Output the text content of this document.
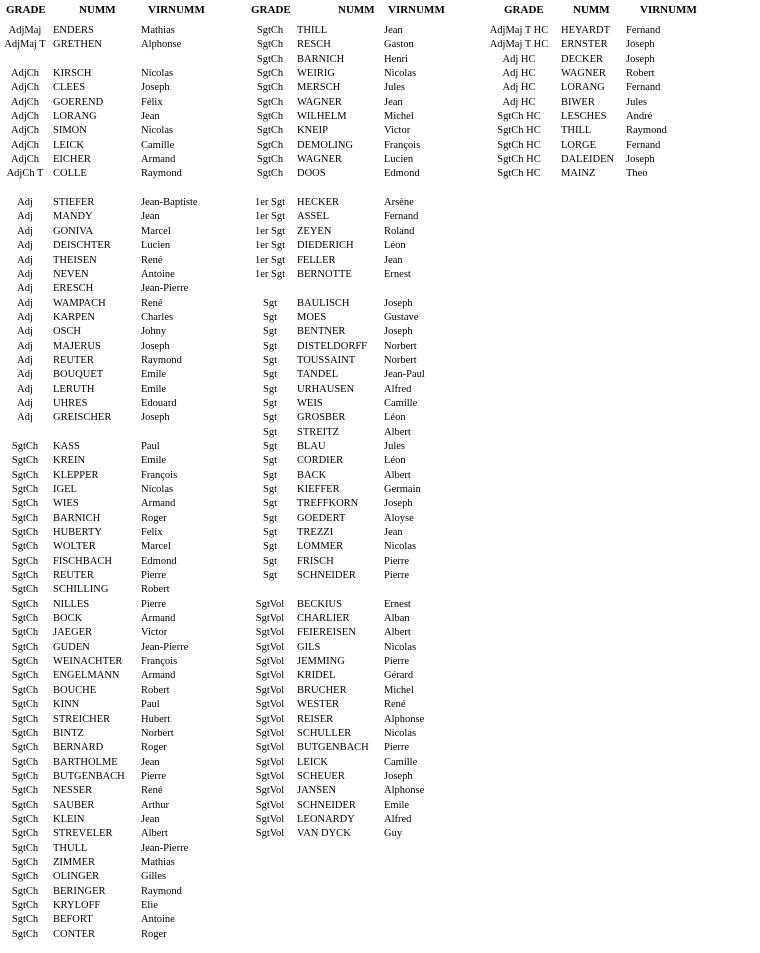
GRADE	NUMM	VIRNUMM
AdjMaj	ENDERS	Mathias
AdjMaj T GRETHEN	Alphonse
AdjCh	KIRSCH	Nicolas
AdjCh	CLEES	Joseph
AdjCh	GOEREND	Félix
AdjCh	LORANG	Jean
AdjCh	SIMON	Nicolas
AdjCh	LEICK	Camille
AdjCh	EICHER	Armand
AdjCh T COLLE	Raymond
Adj	STIEFER	Jean-Baptiste
Adj	MANDY	Jean
Adj	GONIVA	Marcel
Adj	DEISCHTER	Lucien
Adj	THEISEN	René
Adj	NEVEN	Antoine
Adj	ERESCH	Jean-Pierre
Adj	WAMPACH	René
Adj	KARPEN	Charles
Adj	OSCH	Johny
Adj	MAJERUS	Joseph
Adj	REUTER	Raymond
Adj	BOUQUET	Emile
Adj	LERUTH	Emile
Adj	UHRES	Edouard
Adj	GREISCHER	Joseph
SgtCh	KASS	Paul
SgtCh	KREIN	Emile
SgtCh	KLEPPER	François
SgtCh	IGEL	Nicolas
SgtCh	WIES	Armand
SgtCh	BARNICH	Roger
SgtCh	HUBERTY	Felix
SgtCh	WOLTER	Marcel
SgtCh	FISCHBACH	Edmond
SgtCh	REUTER	Pierre
SgtCh	SCHILLING	Robert
SgtCh	NILLES	Pierre
SgtCh	BOCK	Armand
SgtCh	JAEGER	Victor
SgtCh	GUDEN	Jean-Pierre
SgtCh	WEINACHTER François
SgtCh	ENGELMANN Armand
SgtCh	BOUCHE	Robert
SgtCh	KINN	Paul
SgtCh	STREICHER	Hubert
SgtCh	BINTZ	Norbert
SgtCh	BERNARD	Roger
SgtCh	BARTHOLME Jean
SgtCh	BUTGENBACH Pierre
SgtCh	NESSER	René
SgtCh	SAUBER	Arthur
SgtCh	KLEIN	Jean
SgtCh	STREVELER	Albert
SgtCh	THULL	Jean-Pierre
SgtCh	ZIMMER	Mathias
SgtCh	OLINGER	Gilles
SgtCh	BERINGER	Raymond
SgtCh	KRYLOFF	Elie
SgtCh	BEFORT	Antoine
SgtCh	CONTER	Roger
GRADE	NUMM VIRNUMM
SgtCh	THILL	Jean
SgtCh	RESCH	Gaston
SgtCh	BARNICH	Henri
SgtCh	WEIRIG	Nicolas
SgtCh	MERSCH	Jules
SgtCh	WAGNER	Jean
SgtCh	WILHELM	Michel
SgtCh	KNEIP	Victor
SgtCh	DEMOLING	François
SgtCh	WAGNER	Lucien
SgtCh	DOOS	Edmond
1er Sgt	HECKER	Arsène
1er Sgt	ASSEL	Fernand
1er Sgt	ZEYEN	Roland
1er Sgt	DIEDERICH	Léon
1er Sgt	FELLER	Jean
1er Sgt	BERNOTTE	Ernest
Sgt	BAULISCH	Joseph
Sgt	MOES	Gustave
Sgt	BENTNER	Joseph
Sgt	DISTELDORFF Norbert
Sgt	TOUSSAINT	Norbert
Sgt	TANDEL	Jean-Paul
Sgt	URHAUSEN	Alfred
Sgt	WEIS	Camille
Sgt	GROSBER	Léon
Sgt	STREITZ	Albert
Sgt	BLAU	Jules
Sgt	CORDIER	Léon
Sgt	BACK	Albert
Sgt	KIEFFER	Germain
Sgt	TREFFKORN Joseph
Sgt	GOEDERT	Aloyse
Sgt	TREZZI	Jean
Sgt	LOMMER	Nicolas
Sgt	FRISCH	Pierre
Sgt	SCHNEIDER	Pierre
SgtVol	BECKIUS	Ernest
SgtVol	CHARLIER	Alban
SgtVol	FEIEREISEN	Albert
SgtVol	GILS	Nicolas
SgtVol	JEMMING	Pierre
SgtVol	KRIDEL	Gérard
SgtVol	BRUCHER	Michel
SgtVol	WESTER	René
SgtVol	REISER	Alphonse
SgtVol	SCHULLER	Nicolas
SgtVol	BUTGENBACH Pierre
SgtVol	LEICK	Camille
SgtVol	SCHEUER	Joseph
SgtVol	JANSEN	Alphonse
SgtVol	SCHNEIDER	Emile
SgtVol	LEONARDY	Alfred
SgtVol	VAN DYCK	Guy
GRADE	NUMM	VIRNUMM
AdjMaj T HC	HEYARDT Fernand
AdjMaj T HC	ERNSTER Joseph
Adj HC	DECKER Joseph
Adj HC	WAGNER Robert
Adj HC	LORANG Fernand
Adj HC	BIWER	Jules
SgtCh HC	LESCHES André
SgtCh HC	THILL	Raymond
SgtCh HC	LORGE	Fernand
SgtCh HC	DALEIDEN Joseph
SgtCh HC	MAINZ	Theo
